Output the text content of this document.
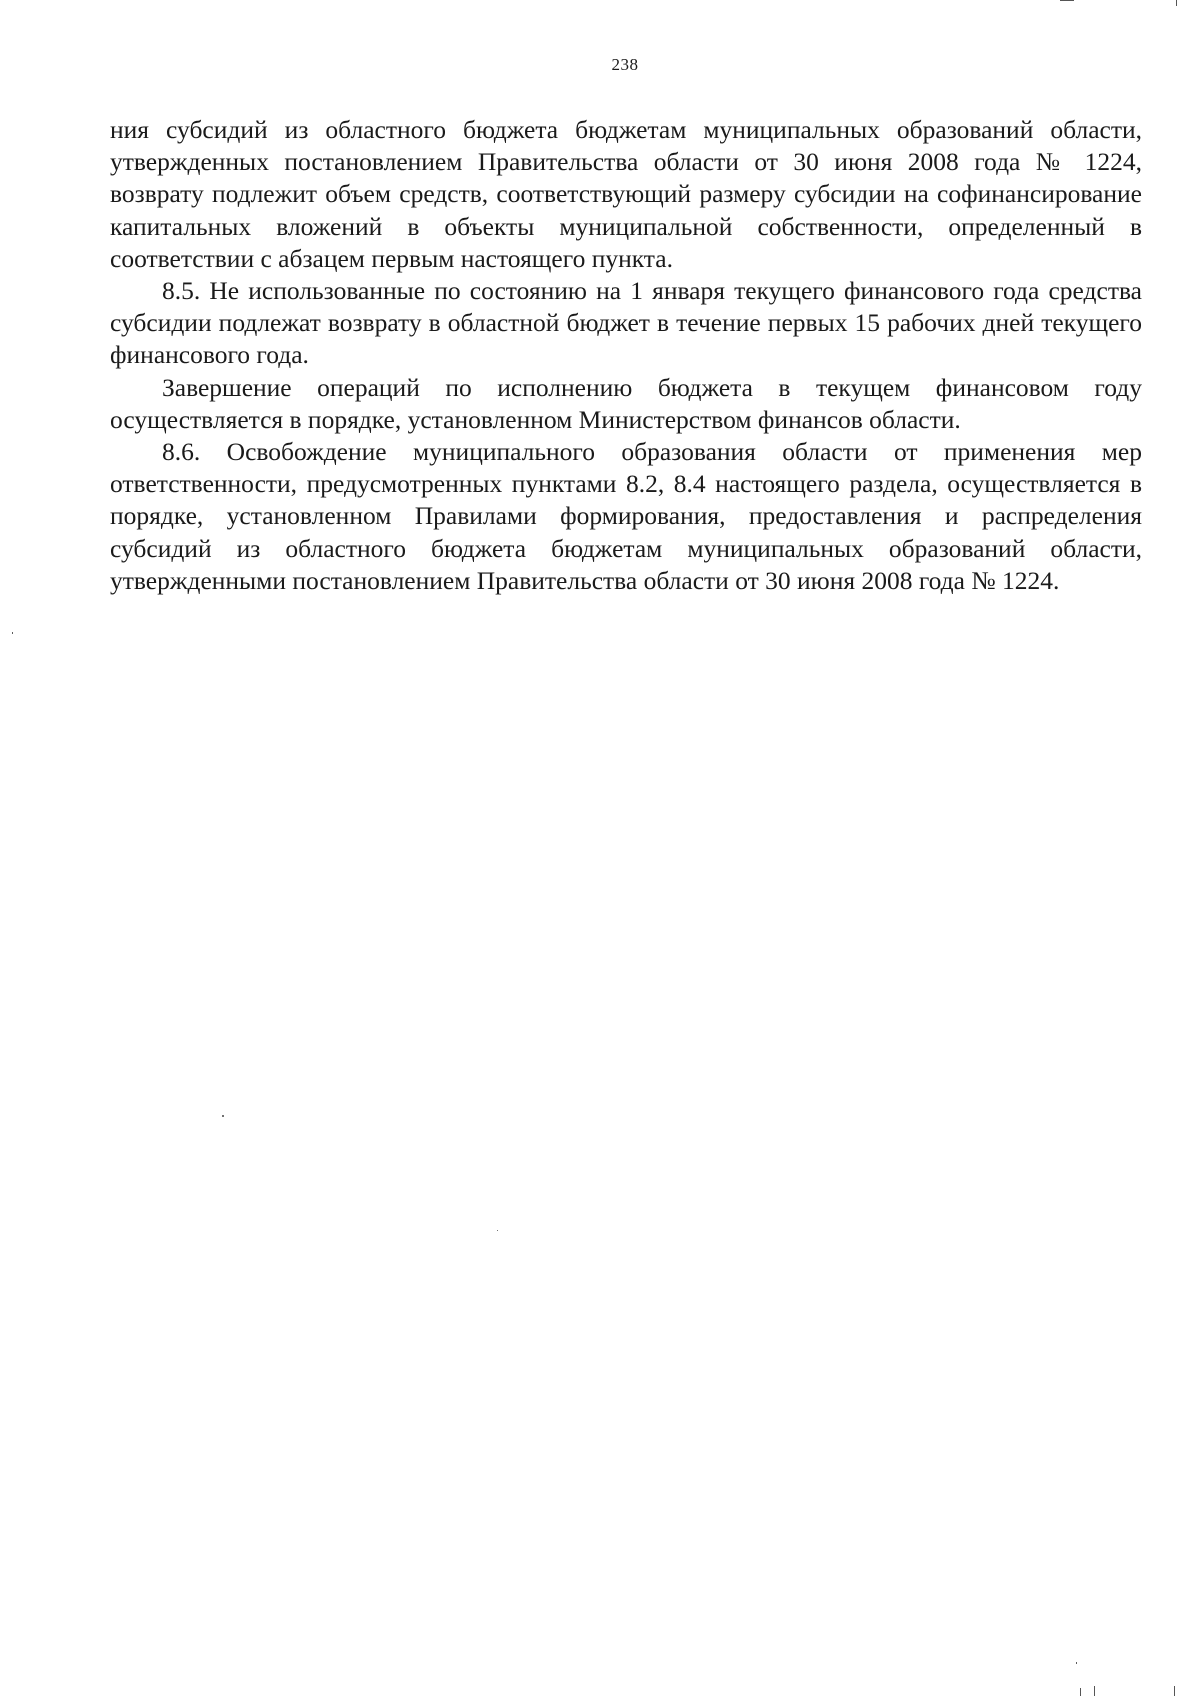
238

ния субсидий из областного бюджета бюджетам муниципальных образований области, утвержденных постановлением Правительства области от 30 июня 2008 года № 1224, возврату подлежит объем средств, соответствующий размеру субсидии на софинансирование капитальных вложений в объекты муниципальной собственности, определенный в соответствии с абзацем первым настоящего пункта.

8.5. Не использованные по состоянию на 1 января текущего финансового года средства субсидии подлежат возврату в областной бюджет в течение первых 15 рабочих дней текущего финансового года.

Завершение операций по исполнению бюджета в текущем финансовом году осуществляется в порядке, установленном Министерством финансов области.

8.6. Освобождение муниципального образования области от применения мер ответственности, предусмотренных пунктами 8.2, 8.4 настоящего раздела, осуществляется в порядке, установленном Правилами формирования, предоставления и распределения субсидий из областного бюджета бюджетам муниципальных образований области, утвержденными постановлением Правительства области от 30 июня 2008 года № 1224.
